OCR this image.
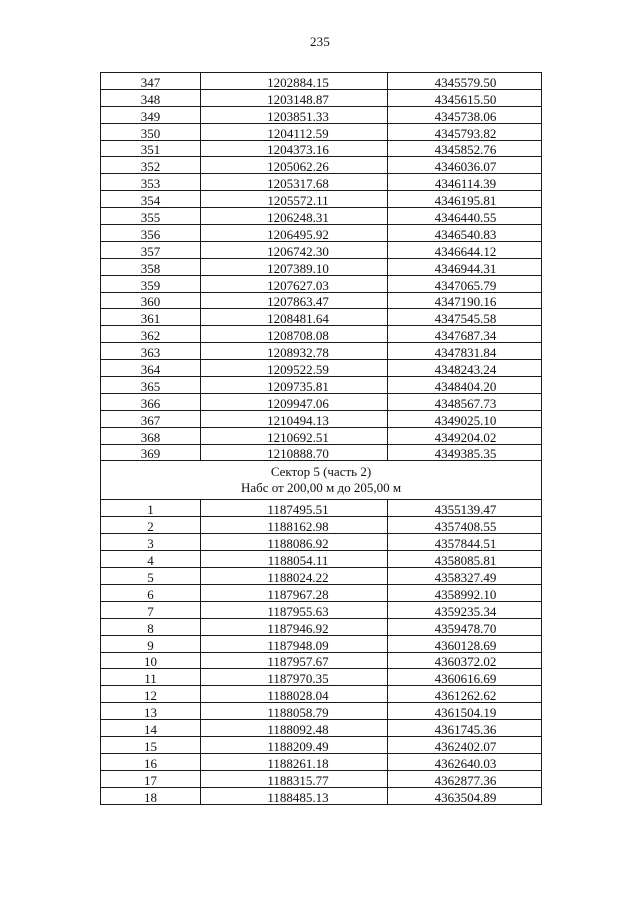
235
347	1202884.15	4345579.50
348	1203148.87	4345615.50
349	1203851.33	4345738.06
350	1204112.59	4345793.82
351	1204373.16	4345852.76
352	1205062.26	4346036.07
353	1205317.68	4346114.39
354	1205572.11	4346195.81
355	1206248.31	4346440.55
356	1206495.92	4346540.83
357	1206742.30	4346644.12
358	1207389.10	4346944.31
359	1207627.03	4347065.79
360	1207863.47	4347190.16
361	1208481.64	4347545.58
362	1208708.08	4347687.34
363	1208932.78	4347831.84
364	1209522.59	4348243.24
365	1209735.81	4348404.20
366	1209947.06	4348567.73
367	1210494.13	4349025.10
368	1210692.51	4349204.02
369	1210888.70	4349385.35

Сектор 5 (часть 2)
Набс от 200,00 м до 205,00 м		

1	1187495.51	4355139.47
2	1188162.98	4357408.55
3	1188086.92	4357844.51
4	1188054.11	4358085.81
5	1188024.22	4358327.49
6	1187967.28	4358992.10
7	1187955.63	4359235.34
8	1187946.92	4359478.70
9	1187948.09	4360128.69
10	1187957.67	4360372.02
11	1187970.35	4360616.69
12	1188028.04	4361262.62
13	1188058.79	4361504.19
14	1188092.48	4361745.36
15	1188209.49	4362402.07
16	1188261.18	4362640.03
17	1188315.77	4362877.36
18	1188485.13	4363504.89
